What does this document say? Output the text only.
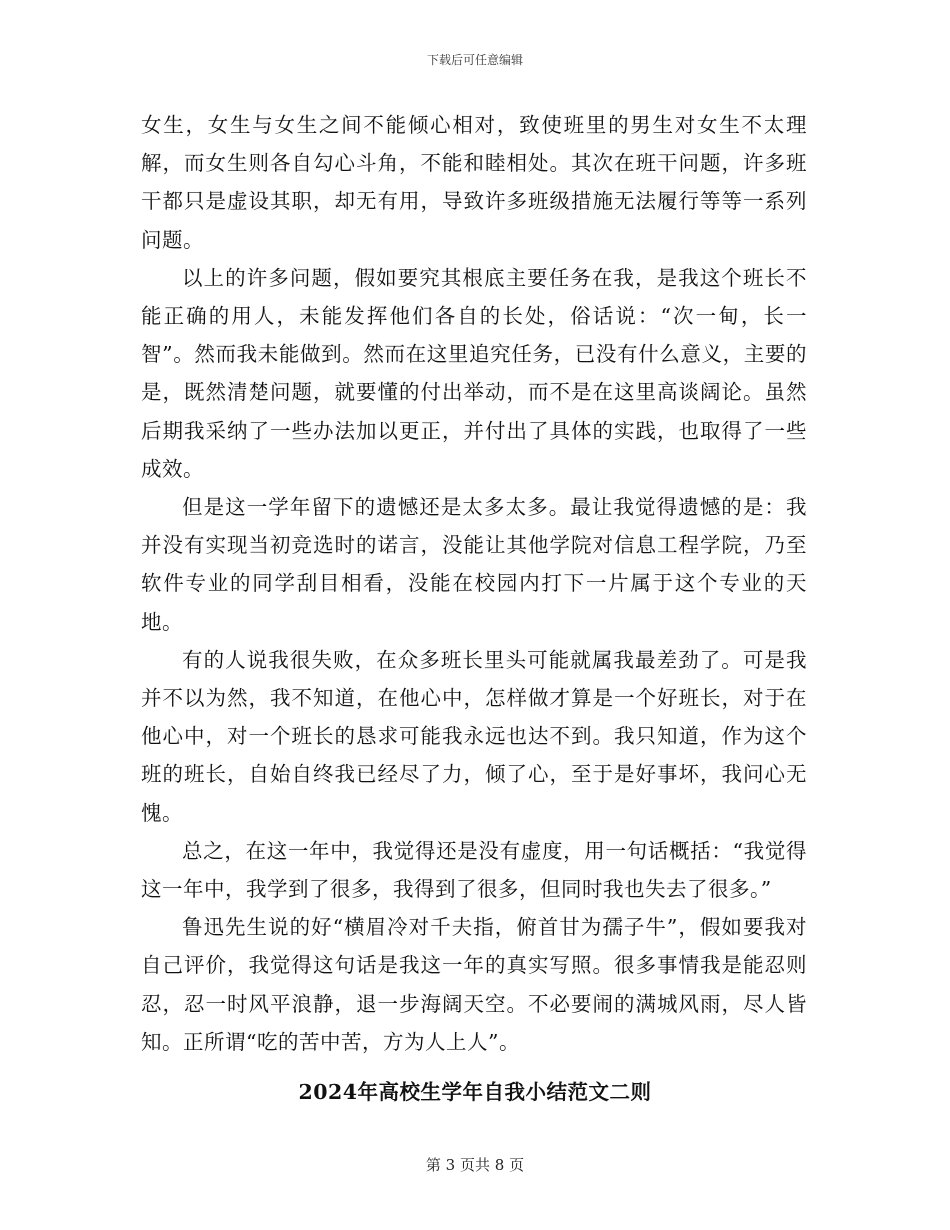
下载后可任意编辑

女生，女生与女生之间不能倾心相对，致使班里的男生对女生不太理解，而女生则各自勾心斗角，不能和睦相处。其次在班干问题，许多班干都只是虚设其职，却无有用，导致许多班级措施无法履行等等一系列问题。

以上的许多问题，假如要究其根底主要任务在我，是我这个班长不能正确的用人，未能发挥他们各自的长处，俗话说：“次一甸，长一智”。然而我未能做到。然而在这里追究任务，已没有什么意义，主要的是，既然清楚问题，就要懂的付出举动，而不是在这里高谈阔论。虽然后期我采纳了一些办法加以更正，并付出了具体的实践，也取得了一些成效。

但是这一学年留下的遗憾还是太多太多。最让我觉得遗憾的是：我并没有实现当初竞选时的诺言，没能让其他学院对信息工程学院，乃至软件专业的同学刮目相看，没能在校园内打下一片属于这个专业的天地。

有的人说我很失败，在众多班长里头可能就属我最差劲了。可是我并不以为然，我不知道，在他心中，怎样做才算是一个好班长，对于在他心中，对一个班长的恳求可能我永远也达不到。我只知道，作为这个班的班长，自始自终我已经尽了力，倾了心，至于是好事坏，我问心无愧。

总之，在这一年中，我觉得还是没有虚度，用一句话概括：“我觉得这一年中，我学到了很多，我得到了很多，但同时我也失去了很多。”

鲁迅先生说的好“横眉冷对千夫指，俯首甘为孺子牛”，假如要我对自己评价，我觉得这句话是我这一年的真实写照。很多事情我是能忍则忍，忍一时风平浪静，退一步海阔天空。不必要闹的满城风雨，尽人皆知。正所谓“吃的苦中苦，方为人上人”。

2024年高校生学年自我小结范文二则
第 3 页共 8 页
